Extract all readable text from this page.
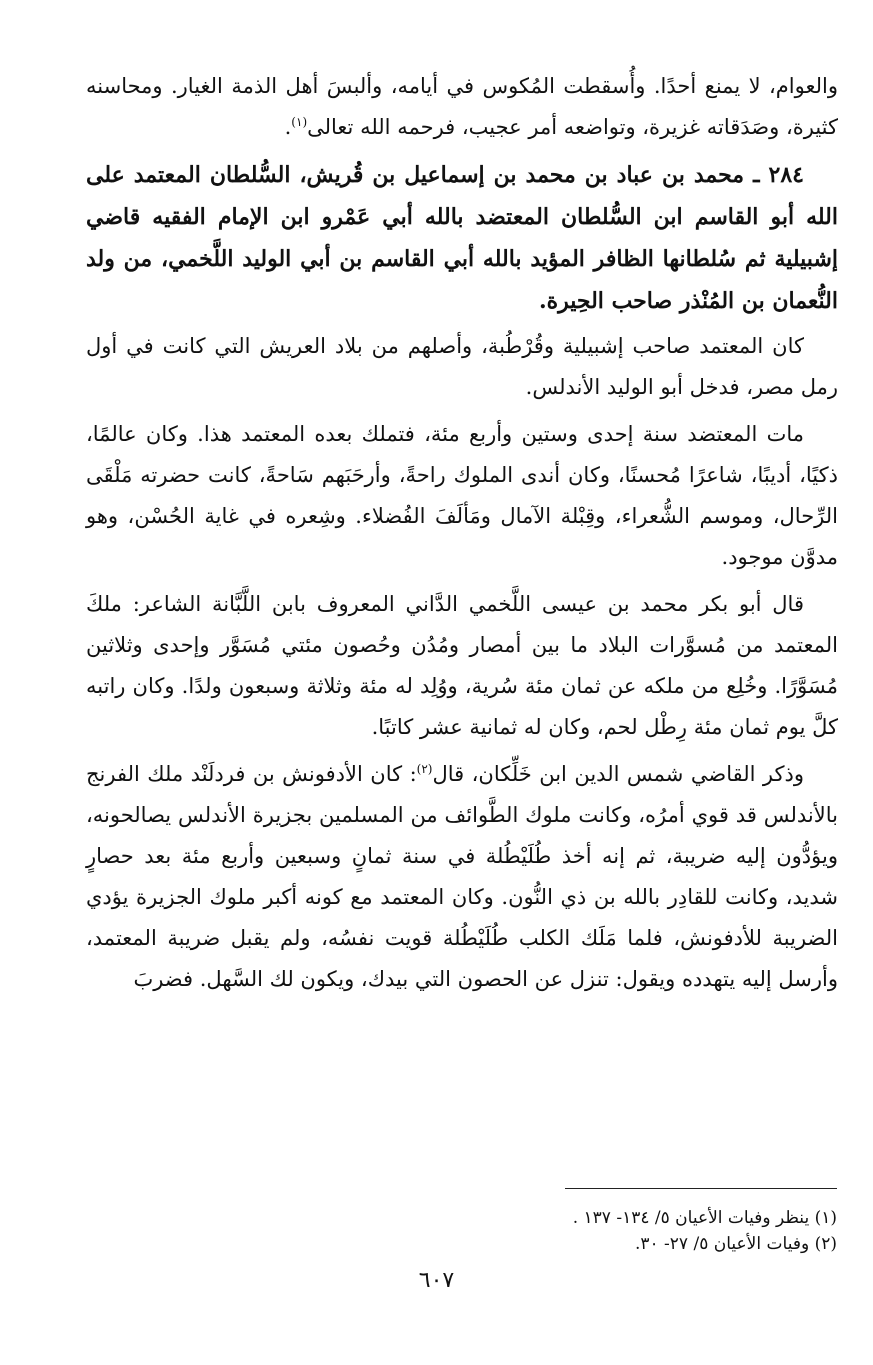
والعوام، لا يمنع أحدًا. وأُسقطت المُكوس في أيامه، وألبسَ أهل الذمة الغيار. ومحاسنه كثيرة، وصَدَقاته غزيرة، وتواضعه أمر عجيب، فرحمه الله تعالى$^{(١)}$.

٢٨٤ ـ محمد بن عباد بن محمد بن إسماعيل بن قُريش، السُّلطان المعتمد على الله أبو القاسم ابن السُّلطان المعتضد بالله أبي عَمْرو ابن الإمام الفقيه قاضي إشبيلية ثم سُلطانها الظافر المؤيد بالله أبي القاسم بن أبي الوليد اللَّخمي، من ولد النُّعمان بن المُنْذر صاحب الحِيرة.

كان المعتمد صاحب إشبيلية وقُرْطُبة، وأصلهم من بلاد العريش التي كانت في أول رمل مصر، فدخل أبو الوليد الأندلس.

مات المعتضد سنة إحدى وستين وأربع مئة، فتملك بعده المعتمد هذا. وكان عالمًا، ذكيًا، أديبًا، شاعرًا مُحسنًا، وكان أندى الملوك راحةً، وأرحَبَهم سَاحةً، كانت حضرته مَلْقَى الرِّحال، وموسم الشُّعراء، وقِبْلة الآمال ومَألَفَ الفُضلاء. وشِعره في غاية الحُسْن، وهو مدوَّن موجود.

قال أبو بكر محمد بن عيسى اللَّخمي الدَّاني المعروف بابن اللَّبَّانة الشاعر: ملكَ المعتمد من مُسوَّرات البلاد ما بين أمصار ومُدُن وحُصون مئتي مُسَوَّر وإحدى وثلاثين مُسَوَّرًا. وخُلِع من ملكه عن ثمان مئة سُرية، ووُلِد له مئة وثلاثة وسبعون ولدًا. وكان راتبه كلَّ يوم ثمان مئة رِطْل لحم، وكان له ثمانية عشر كاتبًا.

وذكر القاضي شمس الدين ابن خَلِّكان، قال$^{(٢)}$: كان الأدفونش بن فردلَنْد ملك الفرنج بالأندلس قد قوي أمرُه، وكانت ملوك الطَّوائف من المسلمين بجزيرة الأندلس يصالحونه، ويؤدُّون إليه ضريبة، ثم إنه أخذ طُلَيْطُلة في سنة ثمانٍ وسبعين وأربع مئة بعد حصارٍ شديد، وكانت للقادِر بالله بن ذي النُّون. وكان المعتمد مع كونه أكبر ملوك الجزيرة يؤدي الضريبة للأدفونش، فلما مَلَك الكلب طُلَيْطُلة قويت نفسُه، ولم يقبل ضريبة المعتمد، وأرسل إليه يتهدده ويقول: تنزل عن الحصون التي بيدك، ويكون لك السَّهل. فضربَ

(١) ينظر وفيات الأعيان ٥/ ١٣٤- ١٣٧ .

(٢) وفيات الأعيان ٥/ ٢٧- ٣٠.

٦٠٧
